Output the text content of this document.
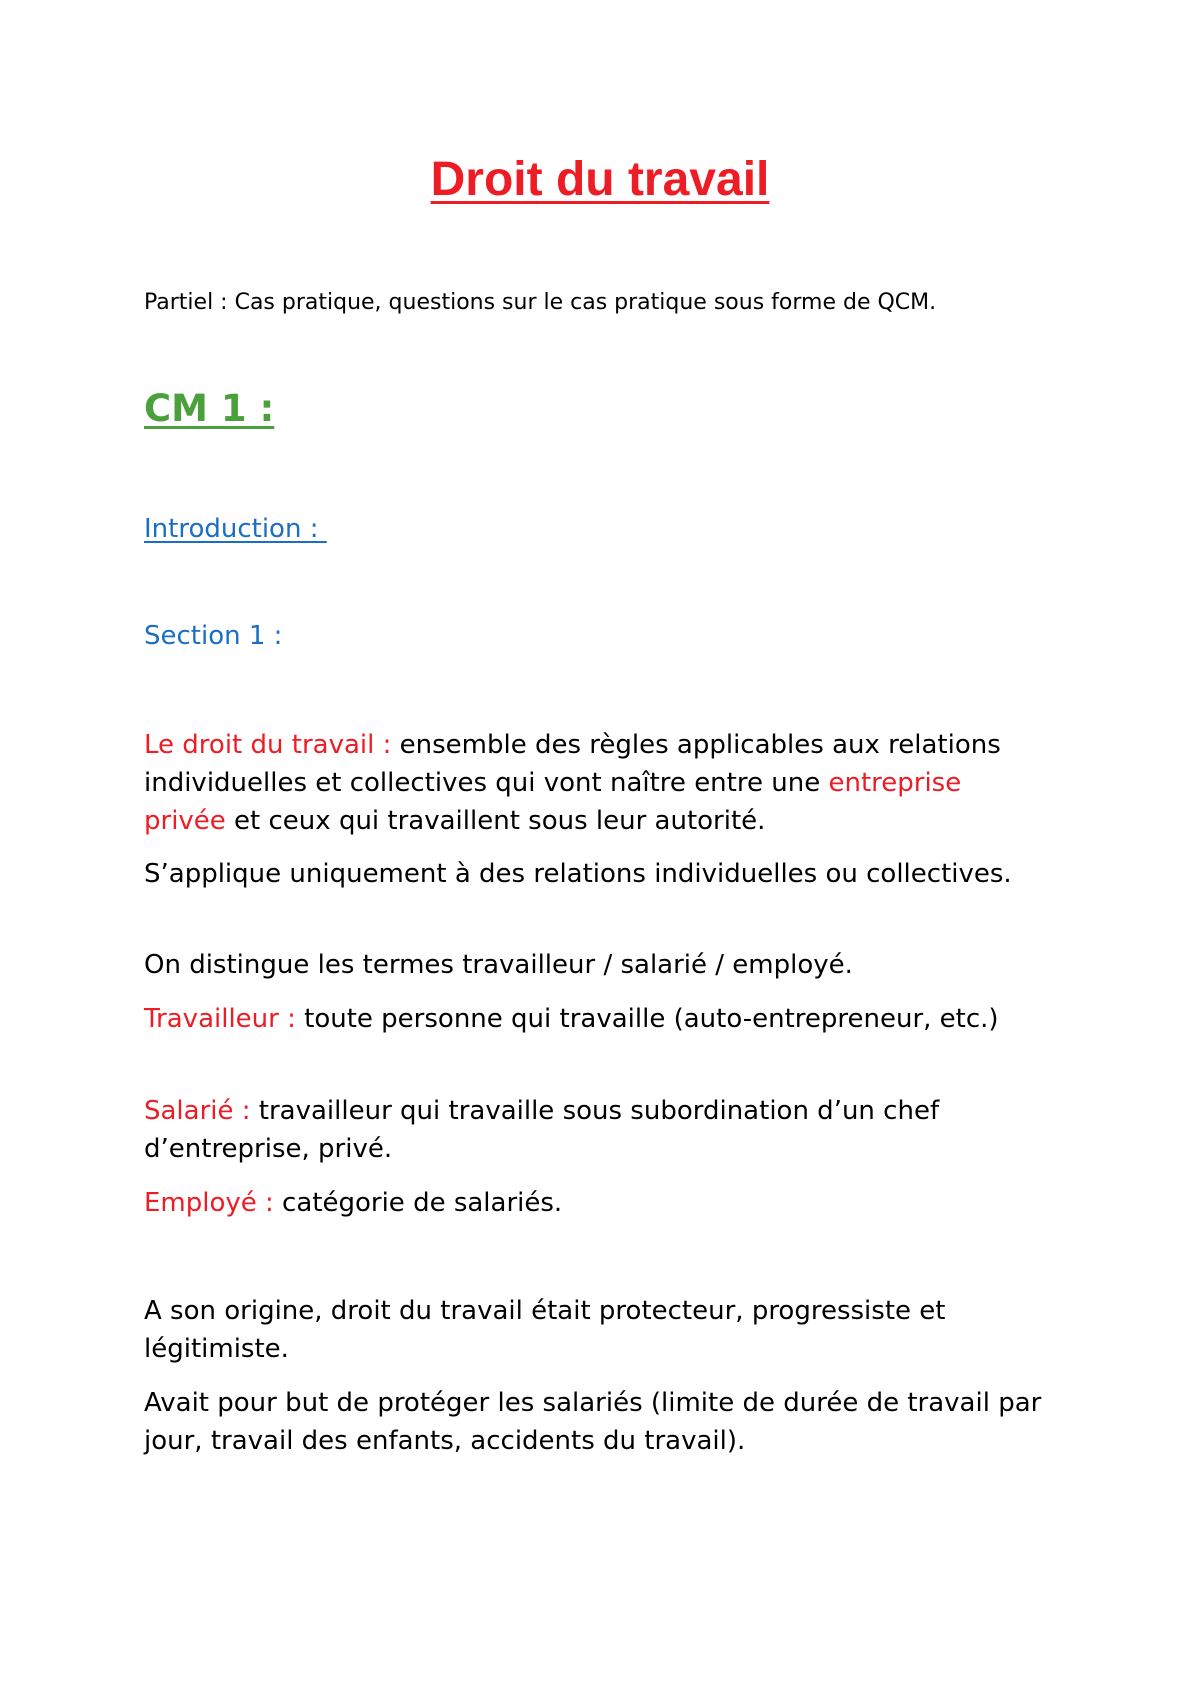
Droit du travail
Partiel : Cas pratique, questions sur le cas pratique sous forme de QCM.
CM 1 :
Introduction :
Section 1 :

Le droit du travail : ensemble des règles applicables aux relations individuelles et collectives qui vont naître entre une entreprise privée et ceux qui travaillent sous leur autorité.

S’applique uniquement à des relations individuelles ou collectives.

On distingue les termes travailleur / salarié / employé.

Travailleur : toute personne qui travaille (auto-entrepreneur, etc.)

Salarié : travailleur qui travaille sous subordination d’un chef d’entreprise, privé.

Employé : catégorie de salariés.

A son origine, droit du travail était protecteur, progressiste et légitimiste.

Avait pour but de protéger les salariés (limite de durée de travail par jour, travail des enfants, accidents du travail).
